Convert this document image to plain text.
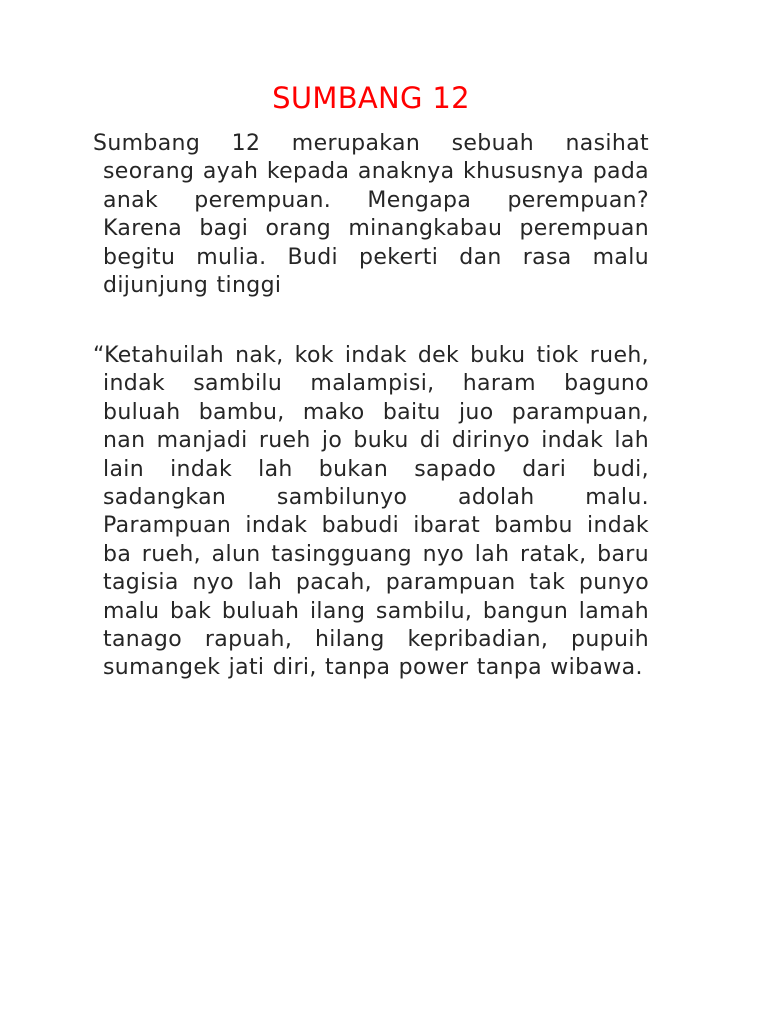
SUMBANG 12

Sumbang 12 merupakan sebuah nasihat seorang ayah kepada anaknya khususnya pada anak perempuan. Mengapa perempuan? Karena bagi orang minangkabau perempuan begitu mulia. Budi pekerti dan rasa malu dijunjung tinggi

“Ketahuilah nak, kok indak dek buku tiok rueh, indak sambilu malampisi, haram baguno buluah bambu, mako baitu juo parampuan, nan manjadi rueh jo buku di dirinyo indak lah lain indak lah bukan sapado dari budi, sadangkan sambilunyo adolah malu. Parampuan indak babudi ibarat bambu indak ba rueh, alun tasingguang nyo lah ratak, baru tagisia nyo lah pacah, parampuan tak punyo malu bak buluah ilang sambilu, bangun lamah tanago rapuah, hilang kepribadian, pupuih sumangek jati diri, tanpa power tanpa wibawa.
